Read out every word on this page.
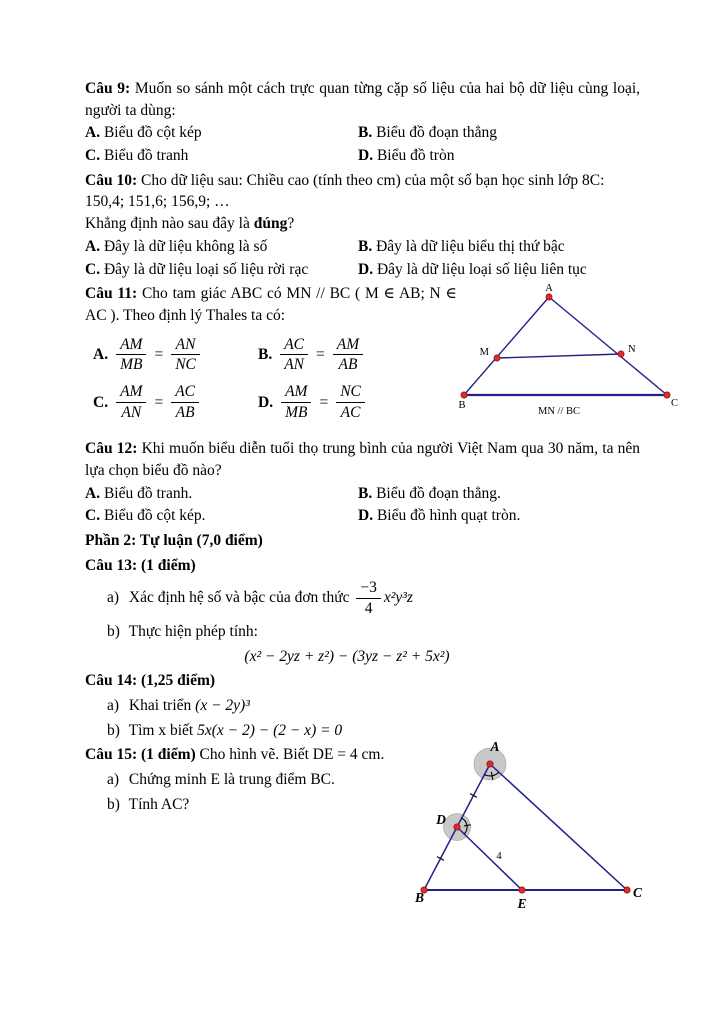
Câu 9: Muốn so sánh một cách trực quan từng cặp số liệu của hai bộ dữ liệu cùng loại, người ta dùng:

A. Biểu đồ cột kép	B. Biểu đồ đoạn thẳng
C. Biểu đồ tranh	D. Biểu đồ tròn

Câu 10: Cho dữ liệu sau: Chiều cao (tính theo cm) của một số bạn học sinh lớp 8C:

150,4; 151,6; 156,9; …

Khẳng định nào sau đây là đúng?

A. Đây là dữ liệu không là số	B. Đây là dữ liệu biểu thị thứ bậc
C. Đây là dữ liệu loại số liệu rời rạc	D. Đây là dữ liệu loại số liệu liên tục

Câu 11: Cho tam giác ABC có MN // BC ( M ∈ AB; N ∈ AC ). Theo định lý Thales ta có:

A. $\frac{AM}{MB} = \frac{AN}{NC}$	B. $\frac{AC}{AN} = \frac{AM}{AB}$
C. $\frac{AM}{AN} = \frac{AC}{AB}$	D. $\frac{AM}{MB} = \frac{NC}{AC}$
A
M	N
B	C
MN // BC

Câu 12: Khi muốn biểu diễn tuổi thọ trung bình của người Việt Nam qua 30 năm, ta nên lựa chọn biểu đồ nào?

A. Biểu đồ tranh.	B. Biểu đồ đoạn thẳng.
C. Biểu đồ cột kép.	D. Biểu đồ hình quạt tròn.

Phần 2: Tự luận (7,0 điểm)

Câu 13: (1 điểm)

a) Xác định hệ số và bậc của đơn thức $\frac{-3}{4} x^2y^3z$
b) Thực hiện phép tính:
(x² − 2yz + z²) − (3yz − z² + 5x²)

Câu 14: (1,25 điểm)

a) Khai triển (x − 2y)³
b) Tìm x biết 5x(x − 2) − (2 − x) = 0

Câu 15: (1 điểm) Cho hình vẽ. Biết DE = 4 cm.

a) Chứng minh E là trung điểm BC.
b) Tính AC?
A
D
B	E
C
4
